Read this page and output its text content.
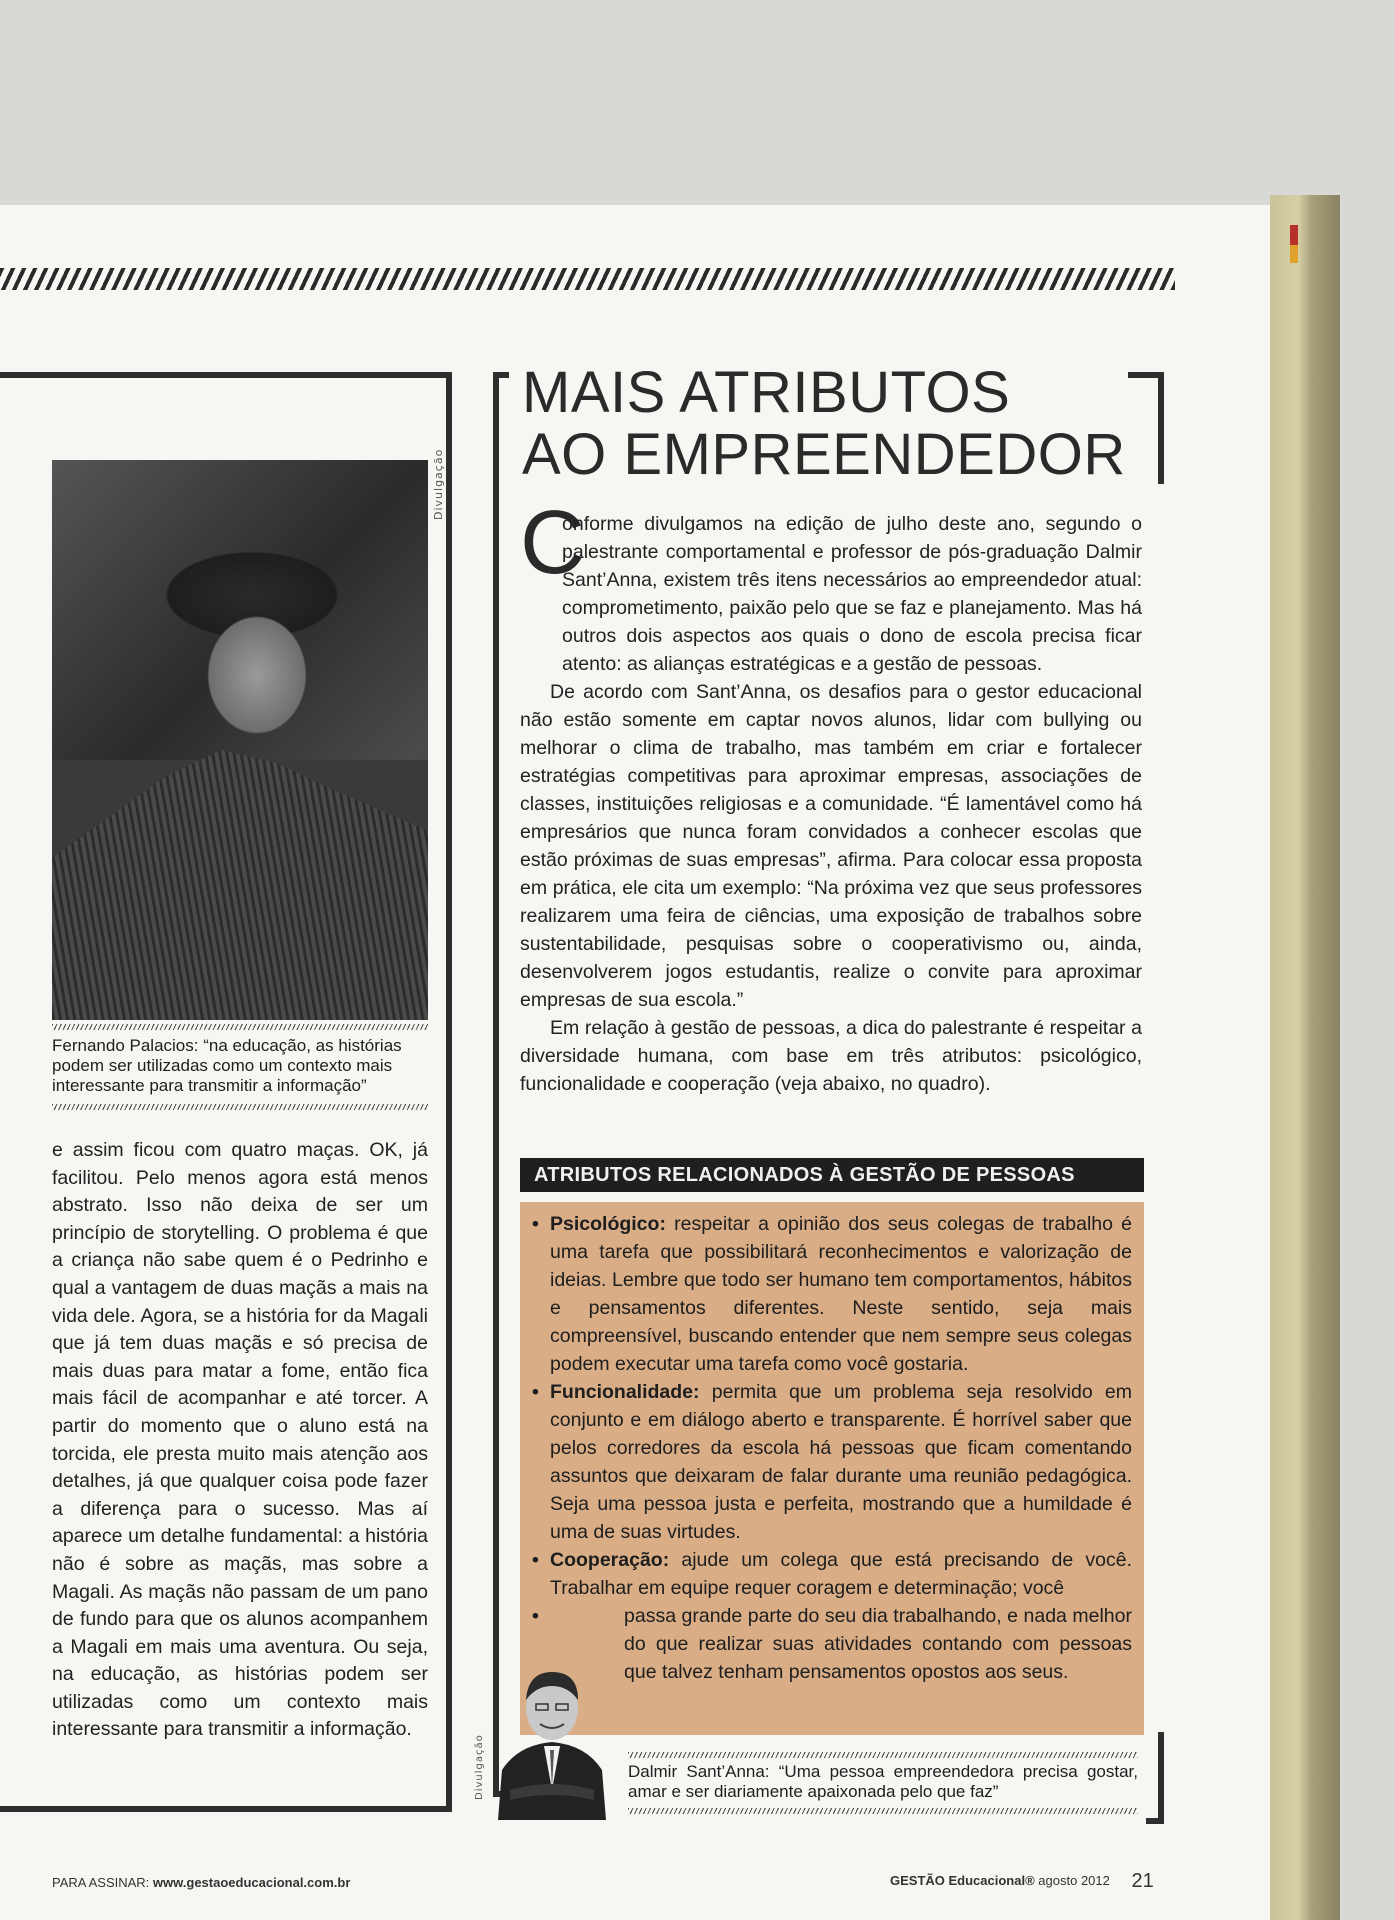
Divulgação
Fernando Palacios: “na educação, as histórias podem ser utilizadas como um contexto mais interessante para transmitir a informação”

e assim ficou com quatro maças. OK, já facilitou. Pelo menos agora está menos abstrato. Isso não deixa de ser um princípio de storytelling. O problema é que a criança não sabe quem é o Pedrinho e qual a vantagem de duas maçãs a mais na vida dele. Agora, se a história for da Magali que já tem duas maçãs e só precisa de mais duas para matar a fome, então fica mais fácil de acompanhar e até torcer. A partir do momento que o aluno está na torcida, ele presta muito mais atenção aos detalhes, já que qualquer coisa pode fazer a diferença para o sucesso. Mas aí aparece um detalhe fundamental: a história não é sobre as maçãs, mas sobre a Magali. As maçãs não passam de um pano de fundo para que os alunos acompanhem a Magali em mais uma aventura. Ou seja, na educação, as histórias podem ser utilizadas como um contexto mais interessante para transmitir a informação.

MAIS ATRIBUTOS
AO EMPREENDEDOR
C

onforme divulgamos na edição de julho deste ano, segundo o palestrante comportamental e professor de pós-graduação Dalmir Sant’Anna, existem três itens necessários ao empreendedor atual: comprometimento, paixão pelo que se faz e planejamento. Mas há outros dois aspectos aos quais o dono de escola precisa ficar atento: as alianças estratégicas e a gestão de pessoas.

De acordo com Sant’Anna, os desafios para o gestor educacional não estão somente em captar novos alunos, lidar com bullying ou melhorar o clima de trabalho, mas também em criar e fortalecer estratégias competitivas para aproximar empresas, associações de classes, instituições religiosas e a comunidade. “É lamentável como há empresários que nunca foram convidados a conhecer escolas que estão próximas de suas empresas”, afirma. Para colocar essa proposta em prática, ele cita um exemplo: “Na próxima vez que seus professores realizarem uma feira de ciências, uma exposição de trabalhos sobre sustentabilidade, pesquisas sobre o cooperativismo ou, ainda, desenvolverem jogos estudantis, realize o convite para aproximar empresas de sua escola.”

Em relação à gestão de pessoas, a dica do palestrante é respeitar a diversidade humana, com base em três atributos: psicológico, funcionalidade e cooperação (veja abaixo, no quadro).

ATRIBUTOS RELACIONADOS À GESTÃO DE PESSOAS

• Psicológico: respeitar a opinião dos seus colegas de trabalho é uma tarefa que possibilitará reconhecimentos e valorização de ideias. Lembre que todo ser humano tem comportamentos, hábitos e pensamentos diferentes. Neste sentido, seja mais compreensível, buscando entender que nem sempre seus colegas podem executar uma tarefa como você gostaria.

• Funcionalidade: permita que um problema seja resolvido em conjunto e em diálogo aberto e transparente. É horrível saber que pelos corredores da escola há pessoas que ficam comentando assuntos que deixaram de falar durante uma reunião pedagógica. Seja uma pessoa justa e perfeita, mostrando que a humildade é uma de suas virtudes.

• Cooperação: ajude um colega que está precisando de você. Trabalhar em equipe requer coragem e determinação; você

• passa grande parte do seu dia trabalhando, e nada melhor do que realizar suas atividades contando com pessoas que talvez tenham pensamentos opostos aos seus.

Divulgação	Dalmir Sant’Anna: “Uma pessoa empreendedora precisa gostar, amar e ser diariamente apaixonada pelo que faz”
PARA ASSINAR: www.gestaoeducacional.com.br	GESTÃO Educacional® agosto 2012 21
